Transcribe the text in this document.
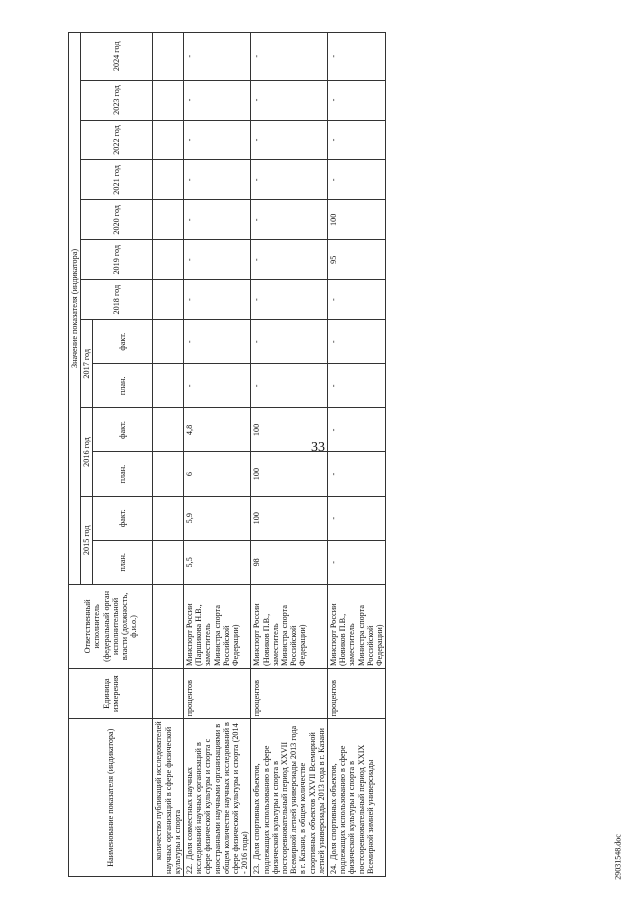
33
29031548.doc
Наименование показателя (индикатора)	Единица измерения	Ответственный исполнитель (федеральный орган исполнительной власти (должность, ф.и.о.)	Значение показателя (индикатора)												
			2015 год		2016 год		2017 год		2018 год	2019 год	2020 год	2021 год	2022 год	2023 год	2024 год
			план.	факт.	план.	факт.	план.	факт.							
количество публикаций исследователей научных организаций в сфере физической культуры и спорта															
22.Доля совместных научных исследований научных организаций в сфере физической культуры и спорта с иностранными научными организациями в общем количестве научных исследований в сфере физической культуры и спорта (2014 - 2016 годы)	процентов	Минспорт России (Паршикова Н.В., заместитель Министра спорта Российской Федерации)	5,5	5,9	6	4,8	-	-	-	-	-	-	-	-	-
23.Доля спортивных объектов, подлежащих использованию в сфере физической культуры и спорта в постсоревновательный период XXVII Всемирной летней универсиады 2013 года в г. Казани, в общем количестве спортивных объектов XXVII Всемирной летней универсиады 2013 года в г. Казани	процентов	Минспорт России (Новиков П.В., заместитель Министра спорта Российской Федерации)	98	100	100	100	-	-	-	-	-	-	-	-	-
24.Доля спортивных объектов, подлежащих использованию в сфере физической культуры и спорта в постсоревновательный период XXIX Всемирной зимней универсиады	процентов	Минспорт России (Новиков П.В., заместитель Министра спорта Российской Федерации)	-	-	-	-	-	-	-	95	100	-	-	-	-
